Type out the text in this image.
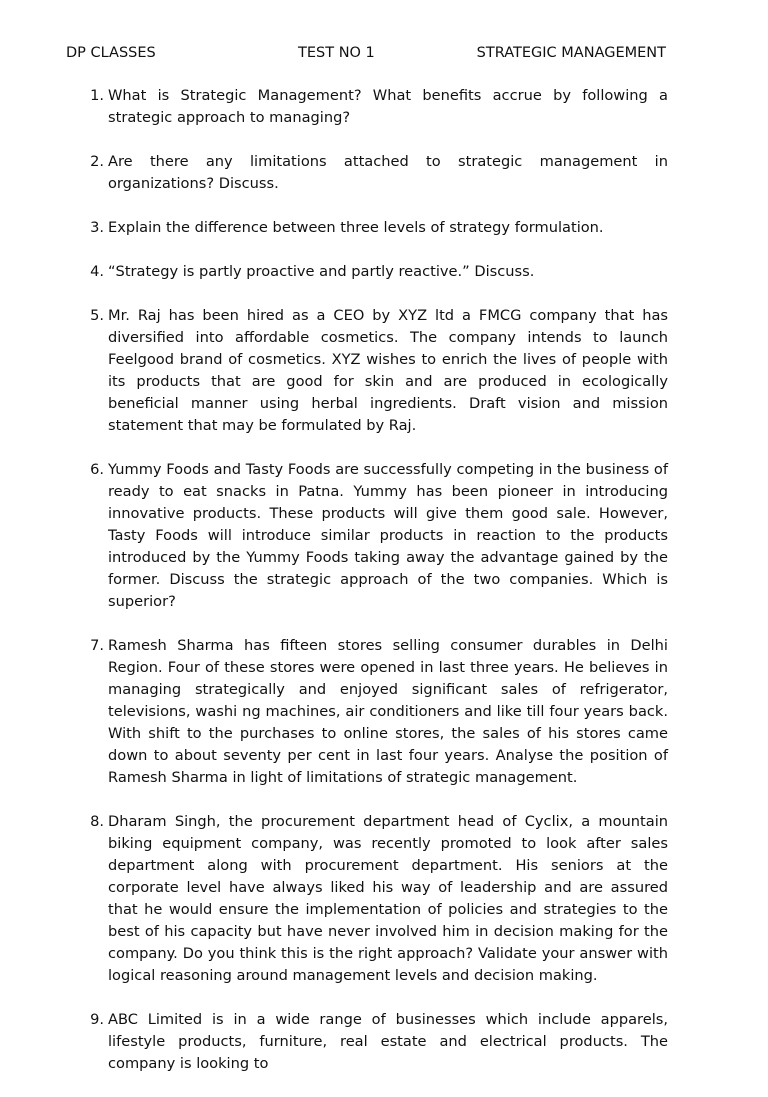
DP CLASSES	TEST NO 1	STRATEGIC MANAGEMENT
1. What is Strategic Management? What benefits accrue by following a strategic approach to managing?
2. Are there any limitations attached to strategic management in organizations? Discuss.
3. Explain the difference between three levels of strategy formulation.
4. “Strategy is partly proactive and partly reactive.” Discuss.
5. Mr. Raj has been hired as a CEO by XYZ ltd a FMCG company that has diversified into affordable cosmetics. The company intends to launch Feelgood brand of cosmetics. XYZ wishes to enrich the lives of people with its products that are good for skin and are produced in ecologically beneficial manner using herbal ingredients. Draft vision and mission statement that may be formulated by Raj.
6. Yummy Foods and Tasty Foods are successfully competing in the business of ready to eat snacks in Patna. Yummy has been pioneer in introducing innovative products. These products will give them good sale. However, Tasty Foods will introduce similar products in reaction to the products introduced by the Yummy Foods taking away the advantage gained by the former. Discuss the strategic approach of the two companies. Which is superior?
7. Ramesh Sharma has fifteen stores selling consumer durables in Delhi Region. Four of these stores were opened in last three years. He believes in managing strategically and enjoyed significant sales of refrigerator, televisions, washi ng machines, air conditioners and like till four years back. With shift to the purchases to online stores, the sales of his stores came down to about seventy per cent in last four years. Analyse the position of Ramesh Sharma in light of limitations of strategic management.
8. Dharam Singh, the procurement department head of Cyclix, a mountain biking equipment company, was recently promoted to look after sales department along with procurement department. His seniors at the corporate level have always liked his way of leadership and are assured that he would ensure the implementation of policies and strategies to the best of his capacity but have never involved him in decision making for the company. Do you think this is the right approach? Validate your answer with logical reasoning around management levels and decision making.
9. ABC Limited is in a wide range of businesses which include apparels, lifestyle products, furniture, real estate and electrical products. The company is looking to
